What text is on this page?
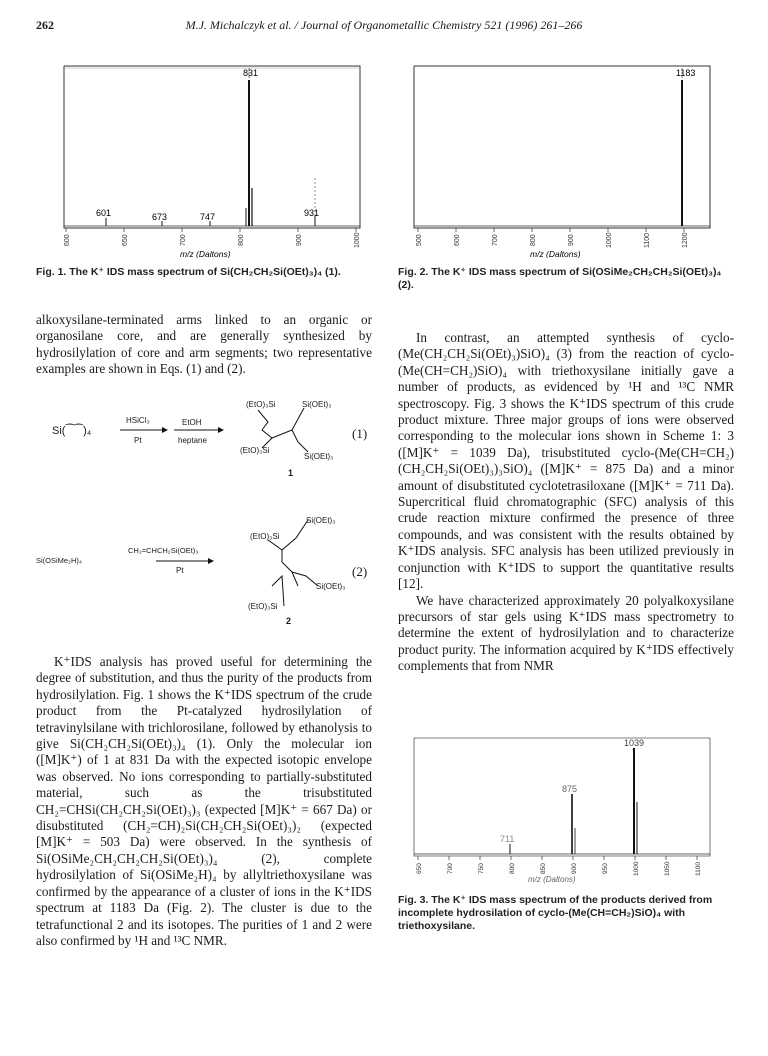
262	M.J. Michalczyk et al. / Journal of Organometallic Chemistry 521 (1996) 261–266
831
601	673	747	931
600	650	700	800	900	1000
m/z (Daltons)
Fig. 1. The K⁺ IDS mass spectrum of Si(CH₂CH₂Si(OEt)₃)₄ (1).
1183
500	600	700	800	900	1000	1100	1200
m/z (Daltons)
Fig. 2. The K⁺ IDS mass spectrum of Si(OSiMe₂CH₂CH₂Si(OEt)₃)₄ (2).
Si(⁀⁀)₄
HSiCl₃
Pt
EtOH
heptane
(EtO)₃Si	Si(OEt)₃
(EtO)₃Si
Si(OEt)₃
(1)
1
Si(OSiMe₂H)₄
CH₂=CHCH₂Si(OEt)₃
Pt
Si(OEt)₃
(EtO)₃Si
Si(OEt)₃
(EtO)₃Si
(2)
2

alkoxysilane-terminated arms linked to an organic or organosilane core, and are generally synthesized by hydrosilylation of core and arm segments; two representative examples are shown in Eqs. (1) and (2).

K⁺IDS analysis has proved useful for determining the degree of substitution, and thus the purity of the products from hydrosilylation. Fig. 1 shows the K⁺IDS spectrum of the crude product from the Pt-catalyzed hydrosilylation of tetravinylsilane with trichlorosilane, followed by ethanolysis to give Si(CH₂CH₂Si(OEt)₃)₄ (1). Only the molecular ion ([M]K⁺) of 1 at 831 Da with the expected isotopic envelope was observed. No ions corresponding to partially-substituted material, such as the trisubstituted CH₂=CHSi(CH₂CH₂Si(OEt)₃)₃ (expected [M]K⁺ = 667 Da) or disubstituted (CH₂=CH)₂Si(CH₂CH₂Si(OEt)₃)₂ (expected [M]K⁺ = 503 Da) were observed. In the synthesis of Si(OSiMe₂CH₂CH₂CH₂Si(OEt)₃)₄ (2), complete hydrosilylation of Si(OSiMe₂H)₄ by allyltriethoxysilane was confirmed by the appearance of a cluster of ions in the K⁺IDS spectrum at 1183 Da (Fig. 2). The cluster is due to the tetrafunctional 2 and its isotopes. The purities of 1 and 2 were also confirmed by ¹H and ¹³C NMR.

In contrast, an attempted synthesis of cyclo-(Me(CH₂CH₂Si(OEt)₃)SiO)₄ (3) from the reaction of cyclo-(Me(CH=CH₂)SiO)₄ with triethoxysilane initially gave a number of products, as evidenced by ¹H and ¹³C NMR spectroscopy. Fig. 3 shows the K⁺IDS spectrum of this crude product mixture. Three major groups of ions were observed corresponding to the molecular ions shown in Scheme 1: 3 ([M]K⁺ = 1039 Da), trisubstituted cyclo-(Me(CH=CH₂)(CH₂CH₂Si(OEt)₃)₃SiO)₄ ([M]K⁺ = 875 Da) and a minor amount of disubstituted cyclotetrasiloxane ([M]K⁺ = 711 Da). Supercritical fluid chromatographic (SFC) analysis of this crude reaction mixture confirmed the presence of three compounds, and was consistent with the results obtained by K⁺IDS analysis. SFC analysis has been utilized previously in conjunction with K⁺IDS to support the quantitative results [12].

We have characterized approximately 20 polyalkoxysilane precursors of star gels using K⁺IDS mass spectrometry to determine the extent of hydrosilylation and to characterize product purity. The information acquired by K⁺IDS effectively complements that from NMR

1039
875
711
650	700	750	800	850	900	950	1000	1050	1100
m/z (Daltons)
Fig. 3. The K⁺ IDS mass spectrum of the products derived from incomplete hydrosilation of cyclo-(Me(CH=CH₂)SiO)₄ with triethoxysilane.
